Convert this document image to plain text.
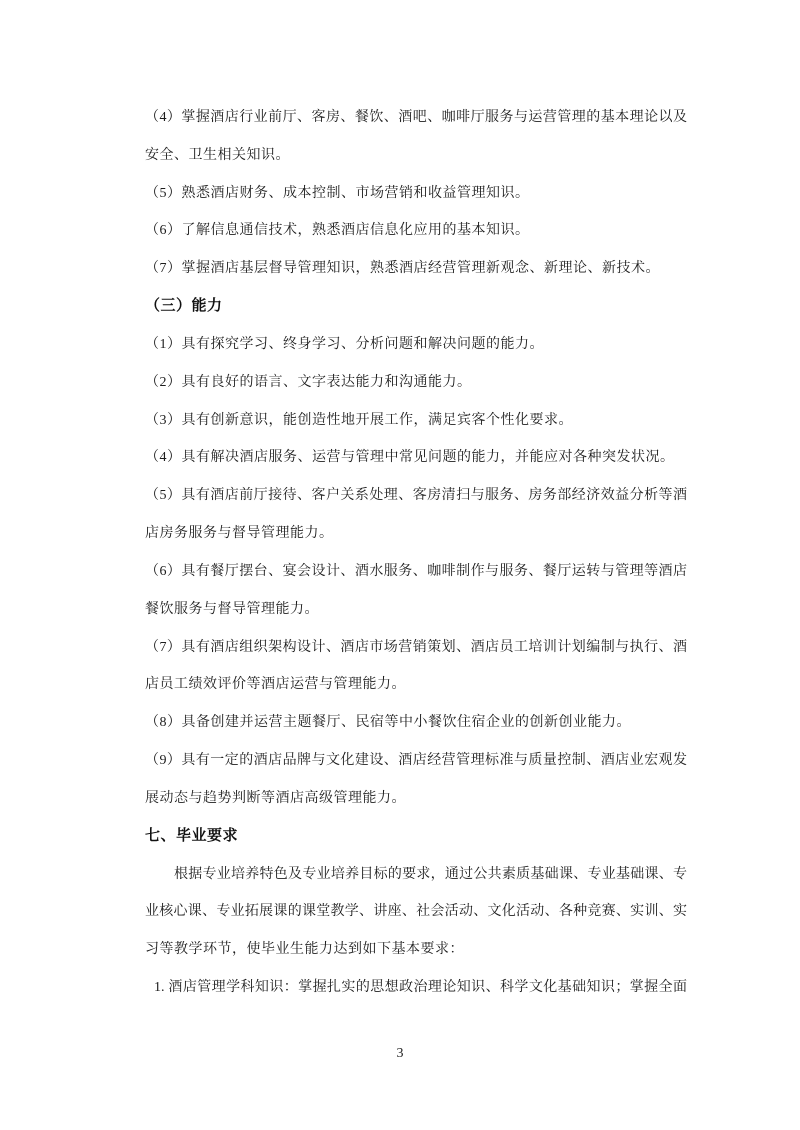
（4）掌握酒店行业前厅、客房、餐饮、酒吧、咖啡厅服务与运营管理的基本理论以及
安全、卫生相关知识。
（5）熟悉酒店财务、成本控制、市场营销和收益管理知识。
（6）了解信息通信技术，熟悉酒店信息化应用的基本知识。
（7）掌握酒店基层督导管理知识，熟悉酒店经营管理新观念、新理论、新技术。
（三）能力
（1）具有探究学习、终身学习、分析问题和解决问题的能力。
（2）具有良好的语言、文字表达能力和沟通能力。
（3）具有创新意识，能创造性地开展工作，满足宾客个性化要求。
（4）具有解决酒店服务、运营与管理中常见问题的能力，并能应对各种突发状况。
（5）具有酒店前厅接待、客户关系处理、客房清扫与服务、房务部经济效益分析等酒
店房务服务与督导管理能力。
（6）具有餐厅摆台、宴会设计、酒水服务、咖啡制作与服务、餐厅运转与管理等酒店
餐饮服务与督导管理能力。
（7）具有酒店组织架构设计、酒店市场营销策划、酒店员工培训计划编制与执行、酒
店员工绩效评价等酒店运营与管理能力。
（8）具备创建并运营主题餐厅、民宿等中小餐饮住宿企业的创新创业能力。
（9）具有一定的酒店品牌与文化建设、酒店经营管理标准与质量控制、酒店业宏观发
展动态与趋势判断等酒店高级管理能力。
七、毕业要求
根据专业培养特色及专业培养目标的要求，通过公共素质基础课、专业基础课、专
业核心课、专业拓展课的课堂教学、讲座、社会活动、文化活动、各种竞赛、实训、实
习等教学环节，使毕业生能力达到如下基本要求：
1. 酒店管理学科知识：掌握扎实的思想政治理论知识、科学文化基础知识；掌握全面
3
